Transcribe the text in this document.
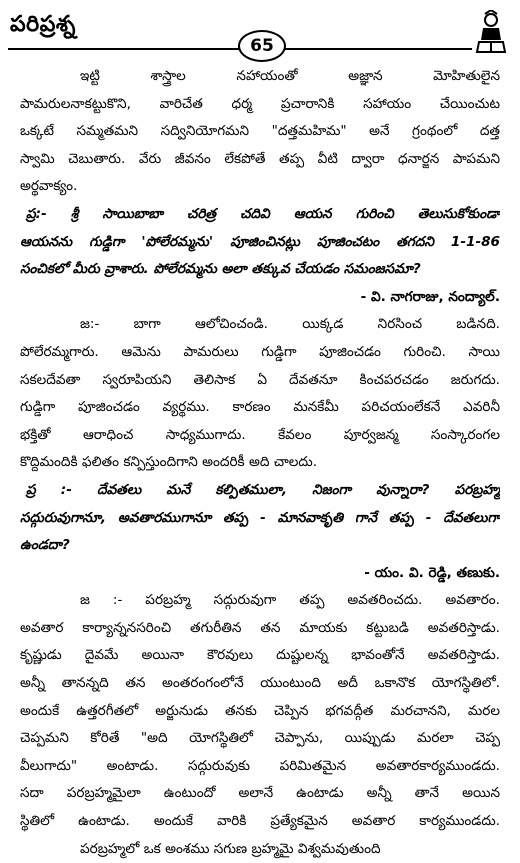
పరిప్రశ్న
65
ఇట్టి శాస్త్రాల నహాయంతో అజ్ఞాన మోహితులైన
పామరులనాకట్టుకొని, వారిచేత ధర్మ ప్రచారానికి సహాయం చేయించుట
ఒక్కటే సమ్మతమని సద్వినియోగమని "దత్తమహిమ" అనే గ్రంథంలో దత్త
స్వామి చెబుతారు. వేరు జీవనం లేకపోతే తప్ప వీటి ద్వారా ధనార్జన పాపమని
అర్థవాక్యం.
ప్ర:- శ్రీ సాయిబాబా చరిత్ర చదివి ఆయన గురించి తెలుసుకోకుండా
ఆయనను గుడ్డిగా 'పోలేరమ్మను' పూజించినట్లు పూజించటం తగదని 1-1-86
సంచికలో మీరు వ్రాశారు. పోలేరమ్మను అలా తక్కువ చేయడం సమంజసమా?
- వి. నాగరాజు, నంద్యాల్.
జ:- బాగా ఆలోచించండి. యిక్కడ నిరసించ బడినది.
పోలేరమ్మగారు. ఆమెను పామరులు గుడ్డిగా పూజించడం గురించి. సాయి
సకలదేవతా స్వరూపియని తెలిసాక ఏ దేవతనూ కించపరచడం జరుగదు.
గుడ్డిగా పూజించడం వ్యర్థము. కారణం మనకేమీ పరిచయంలేకనే ఎవరినీ
భక్తితో ఆరాధించ సాధ్యముగాదు. కేవలం పూర్వజన్మ సంస్కారంగల
కొద్దిమందికి ఫలితం కన్పిస్తుందిగాని అందరికీ అది చాలదు.
ప్ర :- దేవతలు మనే కల్పితములా, నిజంగా వున్నారా? పరబ్రహ్మ
సద్గురువుగానూ, అవతారముగానూ తప్ప - మానవాకృతి గానే తప్ప - దేవతలుగా
ఉండదా?
- యం. వి. రెడ్డి, తణుకు.
జ :- పరబ్రహ్మ సద్గురువుగా తప్ప అవతరించదు. అవతారం.
అవతార కార్యాన్ననసరించి తగురీతిన తన మాయకు కట్టుబడి అవతరిస్తాడు.
కృష్ణుడు దైవమే అయినా కౌరవులు దుష్టులన్న భావంతోనే అవతరిస్తాడు.
అన్నీ తానన్నది తన అంతరంగంలోనే యుంటుంది అదీ ఒకానొక యోగస్థితిలో.
అందుకే ఉత్తరగీతలో అర్జునుడు తనకు చెప్పిన భగవద్గీత మరచానని, మరల
చెప్పమని కోరితే "అది యోగస్థితిలో చెప్పాను, యిప్పుడు మరలా చెప్ప
వీలుగాదు" అంటాడు. సద్గురువుకు పరిమితమైన అవతారకార్యముండదు.
సదా పరబ్రహ్మమైలా ఉంటుందో అలానే ఉంటాడు అన్నీ తానే అయిన
స్థితిలో ఉంటాడు. అందుకే వారికి ప్రత్యేకమైన అవతార కార్యముండదు.
పరబ్రహ్మలో ఒక అంశము సగుణ బ్రహ్మమై విశ్వమవుతుంది
